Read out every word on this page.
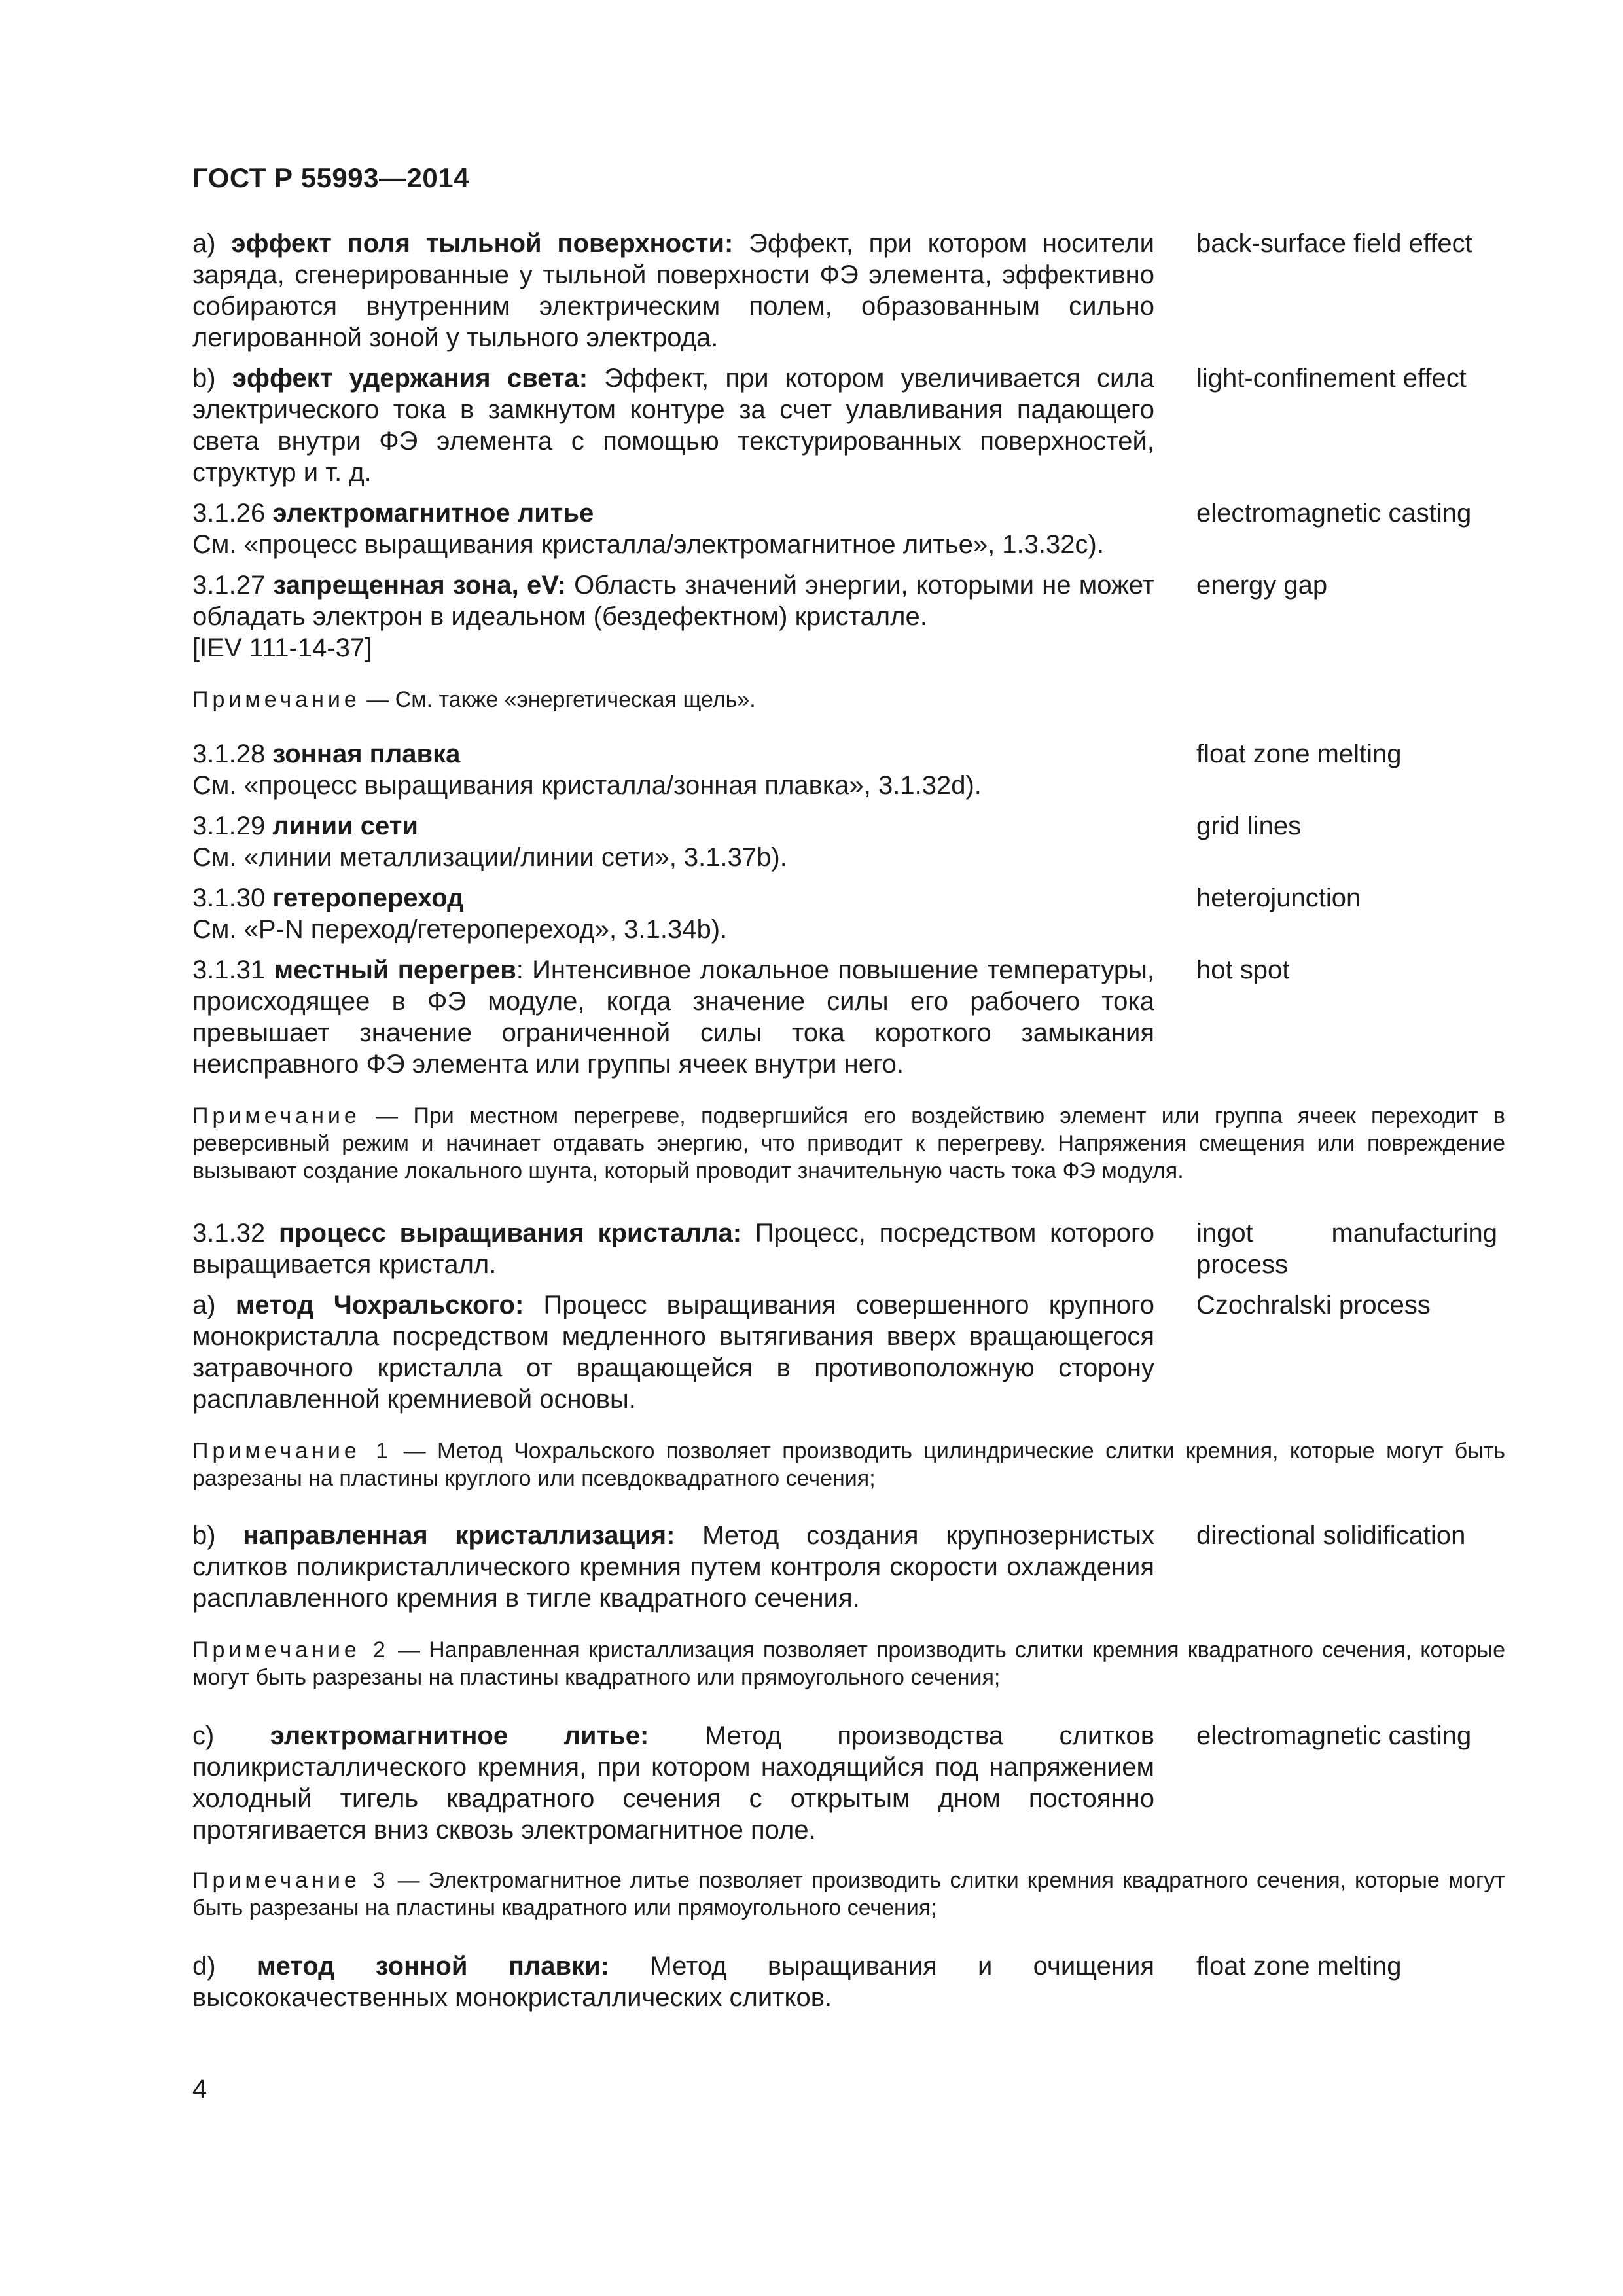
ГОСТ Р 55993—2014
a) эффект поля тыльной поверхности: Эффект, при котором носители заряда, сгенерированные у тыльной поверхности ФЭ элемента, эффективно собираются внутренним электрическим полем, образованным сильно легированной зоной у тыльного электрода.
back-surface field effect
b) эффект удержания света: Эффект, при котором увеличивается сила электрического тока в замкнутом контуре за счет улавливания падающего света внутри ФЭ элемента с помощью текстурированных поверхностей, структур и т. д.
light-confinement effect
3.1.26 электромагнитное литье
См. «процесс выращивания кристалла/электромагнитное литье», 1.3.32c).
electromagnetic casting
3.1.27 запрещенная зона, eV: Область значений энергии, которыми не может обладать электрон в идеальном (бездефектном) кристалле.
[IEV 111-14-37]
energy gap
Примечание — См. также «энергетическая щель».
3.1.28 зонная плавка
См. «процесс выращивания кристалла/зонная плавка», 3.1.32d).
float zone melting
3.1.29 линии сети
См. «линии металлизации/линии сети», 3.1.37b).
grid lines
3.1.30 гетеропереход
См. «P-N переход/гетеропереход», 3.1.34b).
heterojunction
3.1.31 местный перегрев: Интенсивное локальное повышение температуры, происходящее в ФЭ модуле, когда значение силы его рабочего тока превышает значение ограниченной силы тока короткого замыкания неисправного ФЭ элемента или группы ячеек внутри него.
hot spot
Примечание — При местном перегреве, подвергшийся его воздействию элемент или группа ячеек переходит в реверсивный режим и начинает отдавать энергию, что приводит к перегреву. Напряжения смещения или повреждение вызывают создание локального шунта, который проводит значительную часть тока ФЭ модуля.
3.1.32 процесс выращивания кристалла: Процесс, посредством которого выращивается кристалл.
ingot manufacturing process
a) метод Чохральского: Процесс выращивания совершенного крупного монокристалла посредством медленного вытягивания вверх вращающегося затравочного кристалла от вращающейся в противоположную сторону расплавленной кремниевой основы.
Czochralski process
Примечание 1 — Метод Чохральского позволяет производить цилиндрические слитки кремния, которые могут быть разрезаны на пластины круглого или псевдоквадратного сечения;
b) направленная кристаллизация: Метод создания крупнозернистых слитков поликристаллического кремния путем контроля скорости охлаждения расплавленного кремния в тигле квадратного сечения.
directional solidification
Примечание 2 — Направленная кристаллизация позволяет производить слитки кремния квадратного сечения, которые могут быть разрезаны на пластины квадратного или прямоугольного сечения;
c) электромагнитное литье: Метод производства слитков поликристаллического кремния, при котором находящийся под напряжением холодный тигель квадратного сечения с открытым дном постоянно протягивается вниз сквозь электромагнитное поле.
electromagnetic casting
Примечание 3 — Электромагнитное литье позволяет производить слитки кремния квадратного сечения, которые могут быть разрезаны на пластины квадратного или прямоугольного сечения;
d) метод зонной плавки: Метод выращивания и очищения высококачественных монокристаллических слитков.
float zone melting
4
